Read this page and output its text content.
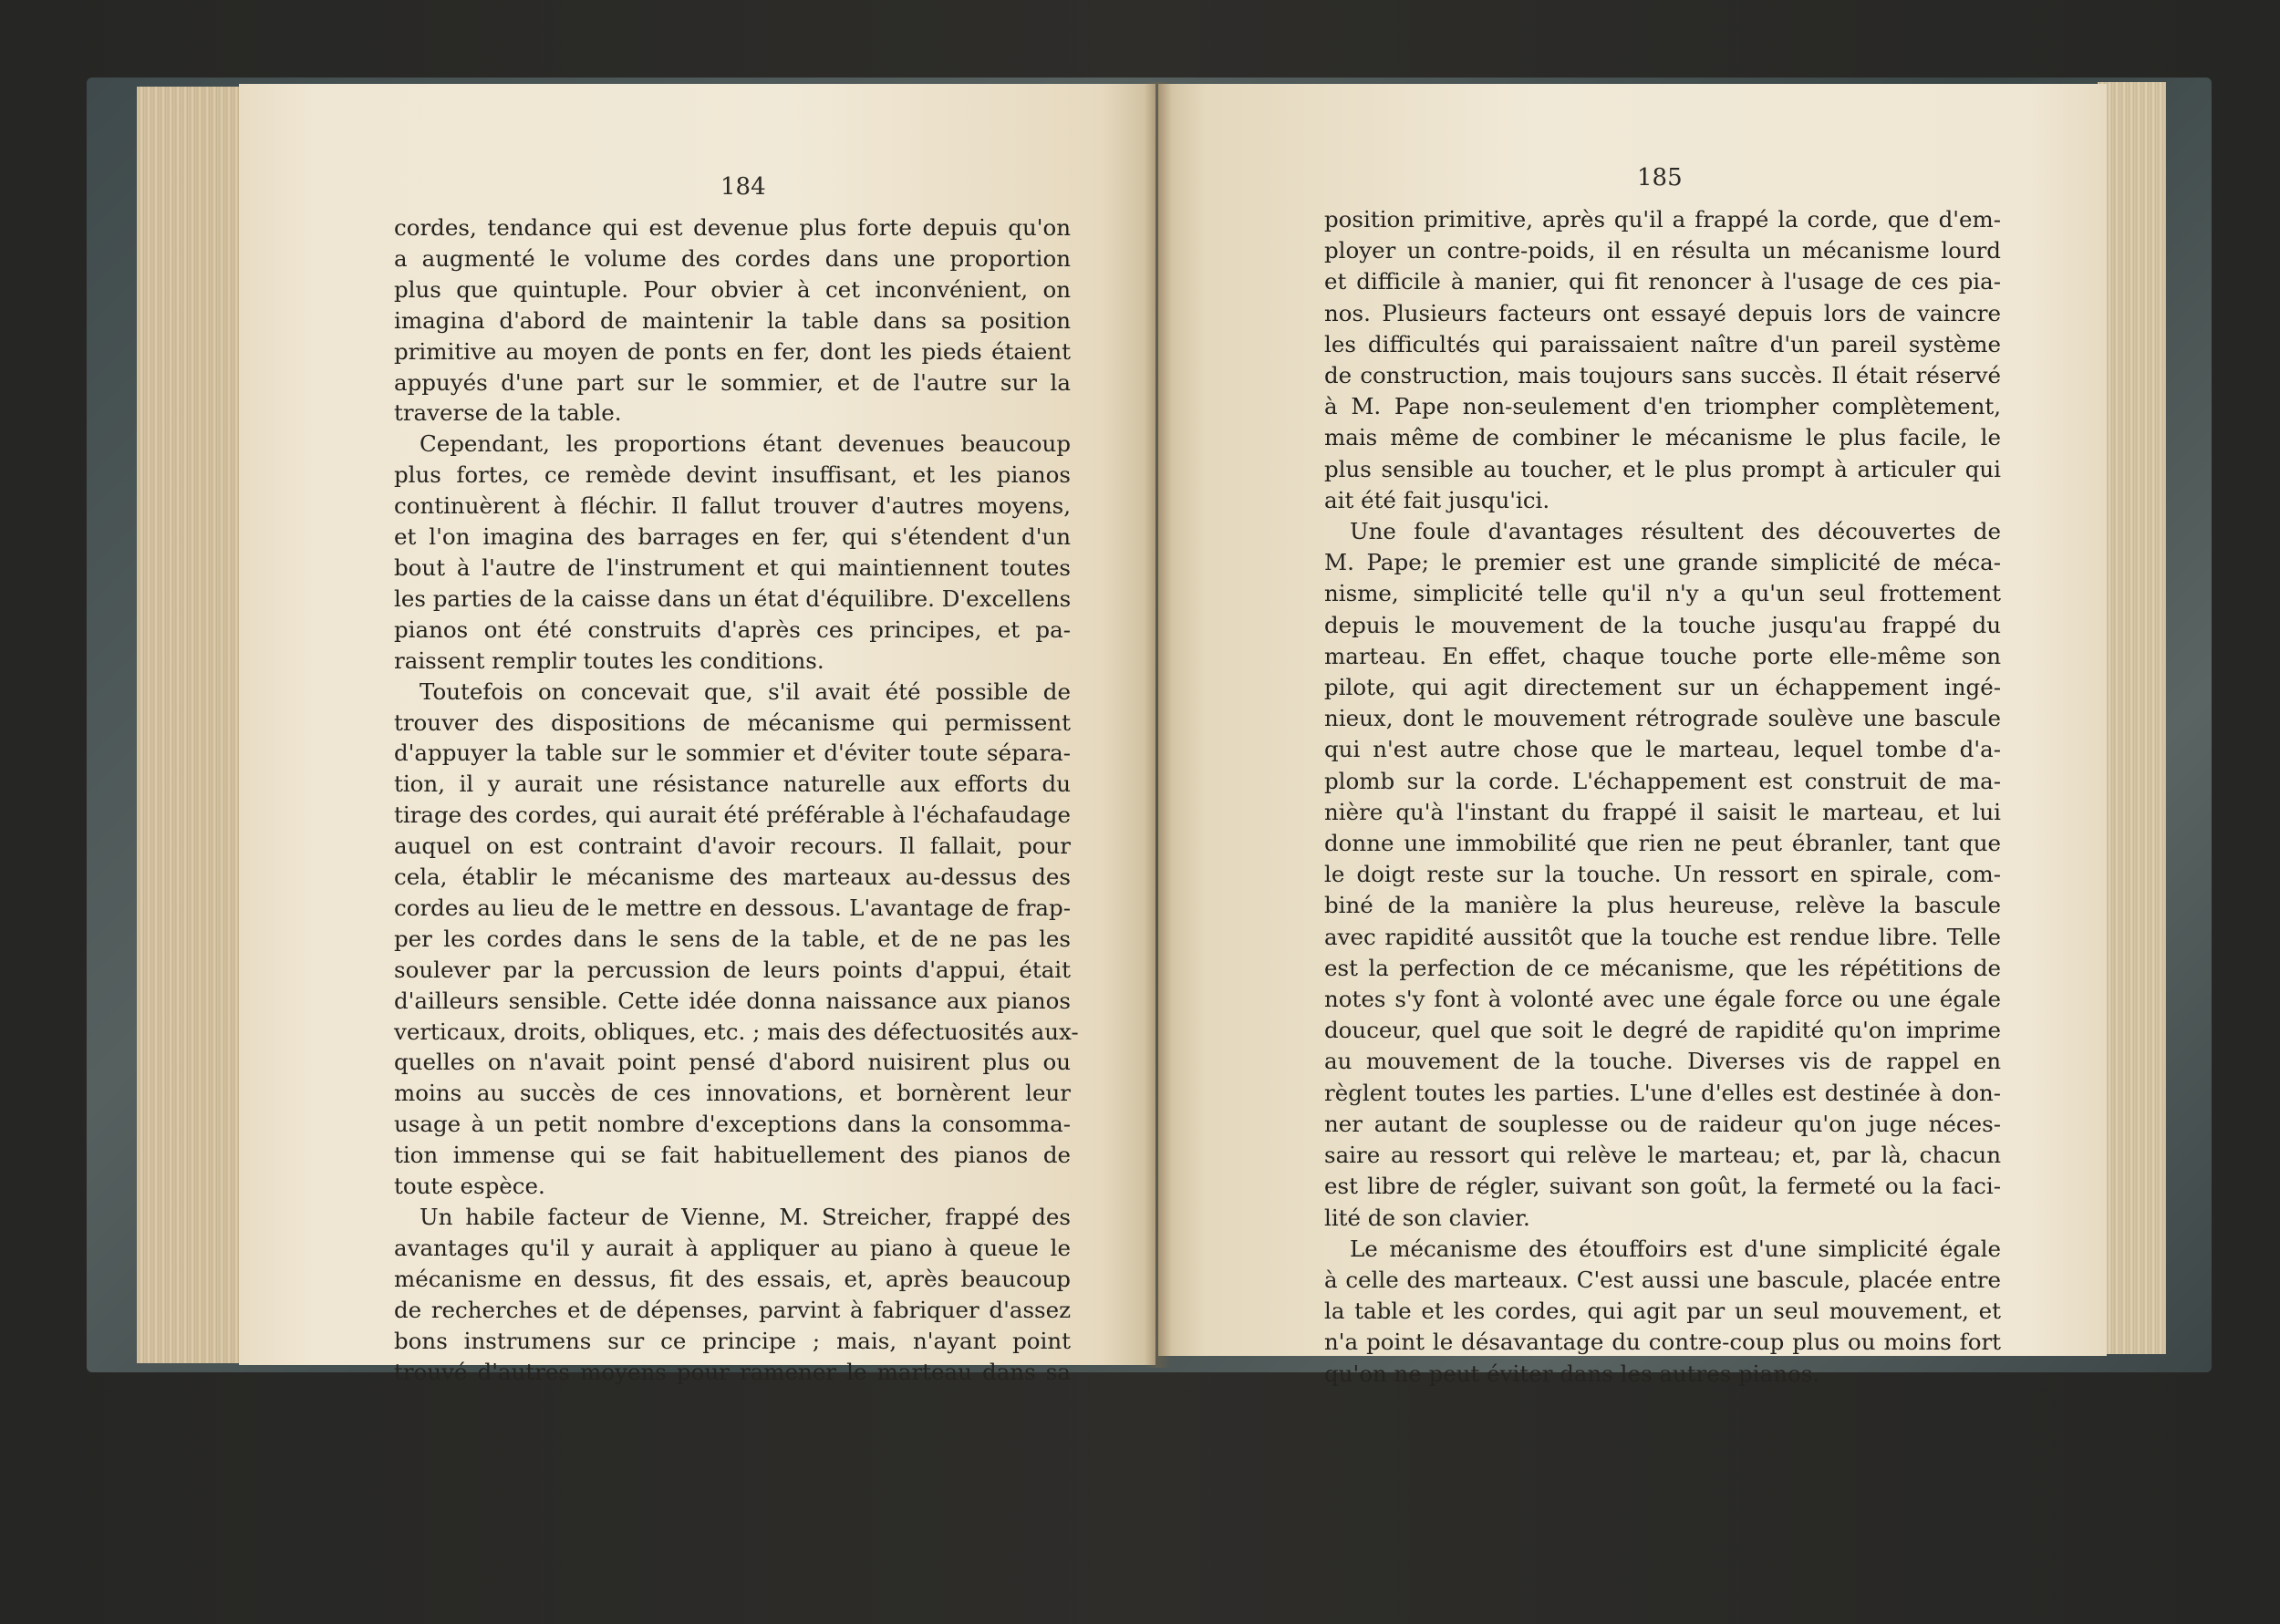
184	185
cordes, tendance qui est devenue plus forte depuis qu'on
a augmenté le volume des cordes dans une proportion
plus que quintuple. Pour obvier à cet inconvénient, on
imagina d'abord de maintenir la table dans sa position
primitive au moyen de ponts en fer, dont les pieds étaient
appuyés d'une part sur le sommier, et de l'autre sur la
traverse de la table.
Cependant, les proportions étant devenues beaucoup
plus fortes, ce remède devint insuffisant, et les pianos
continuèrent à fléchir. Il fallut trouver d'autres moyens,
et l'on imagina des barrages en fer, qui s'étendent d'un
bout à l'autre de l'instrument et qui maintiennent toutes
les parties de la caisse dans un état d'équilibre. D'excellens
pianos ont été construits d'après ces principes, et pa-
raissent remplir toutes les conditions.
Toutefois on concevait que, s'il avait été possible de
trouver des dispositions de mécanisme qui permissent
d'appuyer la table sur le sommier et d'éviter toute sépara-
tion, il y aurait une résistance naturelle aux efforts du
tirage des cordes, qui aurait été préférable à l'échafaudage
auquel on est contraint d'avoir recours. Il fallait, pour
cela, établir le mécanisme des marteaux au-dessus des
cordes au lieu de le mettre en dessous. L'avantage de frap-
per les cordes dans le sens de la table, et de ne pas les
soulever par la percussion de leurs points d'appui, était
d'ailleurs sensible. Cette idée donna naissance aux pianos
verticaux, droits, obliques, etc. ; mais des défectuosités aux-
quelles on n'avait point pensé d'abord nuisirent plus ou
moins au succès de ces innovations, et bornèrent leur
usage à un petit nombre d'exceptions dans la consomma-
tion immense qui se fait habituellement des pianos de
toute espèce.
Un habile facteur de Vienne, M. Streicher, frappé des
avantages qu'il y aurait à appliquer au piano à queue le
mécanisme en dessus, fit des essais, et, après beaucoup
de recherches et de dépenses, parvint à fabriquer d'assez
bons instrumens sur ce principe ; mais, n'ayant point
trouvé d'autres moyens pour ramener le marteau dans sa
position primitive, après qu'il a frappé la corde, que d'em-
ployer un contre-poids, il en résulta un mécanisme lourd
et difficile à manier, qui fit renoncer à l'usage de ces pia-
nos. Plusieurs facteurs ont essayé depuis lors de vaincre
les difficultés qui paraissaient naître d'un pareil système
de construction, mais toujours sans succès. Il était réservé
à M. Pape non-seulement d'en triompher complètement,
mais même de combiner le mécanisme le plus facile, le
plus sensible au toucher, et le plus prompt à articuler qui
ait été fait jusqu'ici.
Une foule d'avantages résultent des découvertes de
M. Pape; le premier est une grande simplicité de méca-
nisme, simplicité telle qu'il n'y a qu'un seul frottement
depuis le mouvement de la touche jusqu'au frappé du
marteau. En effet, chaque touche porte elle-même son
pilote, qui agit directement sur un échappement ingé-
nieux, dont le mouvement rétrograde soulève une bascule
qui n'est autre chose que le marteau, lequel tombe d'a-
plomb sur la corde. L'échappement est construit de ma-
nière qu'à l'instant du frappé il saisit le marteau, et lui
donne une immobilité que rien ne peut ébranler, tant que
le doigt reste sur la touche. Un ressort en spirale, com-
biné de la manière la plus heureuse, relève la bascule
avec rapidité aussitôt que la touche est rendue libre. Telle
est la perfection de ce mécanisme, que les répétitions de
notes s'y font à volonté avec une égale force ou une égale
douceur, quel que soit le degré de rapidité qu'on imprime
au mouvement de la touche. Diverses vis de rappel en
règlent toutes les parties. L'une d'elles est destinée à don-
ner autant de souplesse ou de raideur qu'on juge néces-
saire au ressort qui relève le marteau; et, par là, chacun
est libre de régler, suivant son goût, la fermeté ou la faci-
lité de son clavier.
Le mécanisme des étouffoirs est d'une simplicité égale
à celle des marteaux. C'est aussi une bascule, placée entre
la table et les cordes, qui agit par un seul mouvement, et
n'a point le désavantage du contre-coup plus ou moins fort
qu'on ne peut éviter dans les autres pianos.
